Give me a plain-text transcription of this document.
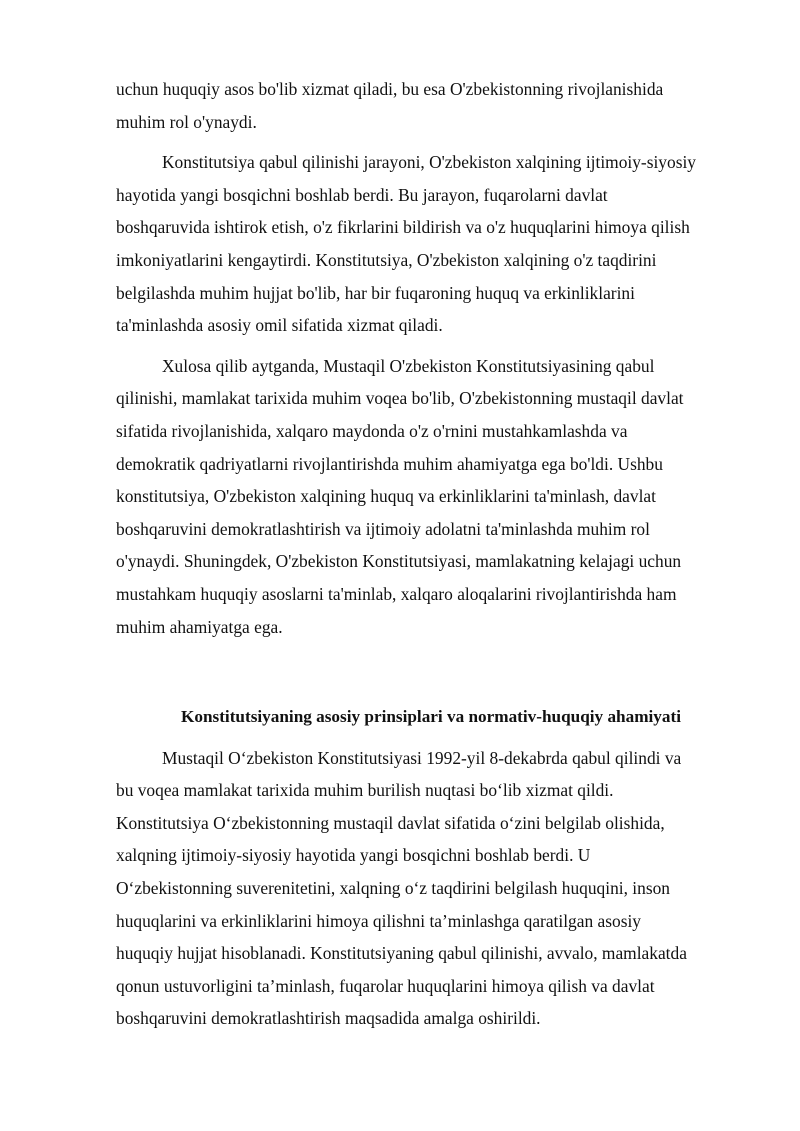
uchun huquqiy asos bo'lib xizmat qiladi, bu esa O'zbekistonning rivojlanishida
muhim rol o'ynaydi.

Konstitutsiya qabul qilinishi jarayoni, O'zbekiston xalqining ijtimoiy-siyosiy
hayotida yangi bosqichni boshlab berdi. Bu jarayon, fuqarolarni davlat
boshqaruvida ishtirok etish, o'z fikrlarini bildirish va o'z huquqlarini himoya qilish
imkoniyatlarini kengaytirdi. Konstitutsiya, O'zbekiston xalqining o'z taqdirini
belgilashda muhim hujjat bo'lib, har bir fuqaroning huquq va erkinliklarini
ta'minlashda asosiy omil sifatida xizmat qiladi.

Xulosa qilib aytganda, Mustaqil O'zbekiston Konstitutsiyasining qabul
qilinishi, mamlakat tarixida muhim voqea bo'lib, O'zbekistonning mustaqil davlat
sifatida rivojlanishida, xalqaro maydonda o'z o'rnini mustahkamlashda va
demokratik qadriyatlarni rivojlantirishda muhim ahamiyatga ega bo'ldi. Ushbu
konstitutsiya, O'zbekiston xalqining huquq va erkinliklarini ta'minlash, davlat
boshqaruvini demokratlashtirish va ijtimoiy adolatni ta'minlashda muhim rol
o'ynaydi. Shuningdek, O'zbekiston Konstitutsiyasi, mamlakatning kelajagi uchun
mustahkam huquqiy asoslarni ta'minlab, xalqaro aloqalarini rivojlantirishda ham
muhim ahamiyatga ega.

Konstitutsiyaning asosiy prinsiplari va normativ-huquqiy ahamiyati

Mustaqil O‘zbekiston Konstitutsiyasi 1992-yil 8-dekabrda qabul qilindi va
bu voqea mamlakat tarixida muhim burilish nuqtasi bo‘lib xizmat qildi.
Konstitutsiya O‘zbekistonning mustaqil davlat sifatida o‘zini belgilab olishida,
xalqning ijtimoiy-siyosiy hayotida yangi bosqichni boshlab berdi. U
O‘zbekistonning suverenitetini, xalqning o‘z taqdirini belgilash huquqini, inson
huquqlarini va erkinliklarini himoya qilishni ta’minlashga qaratilgan asosiy
huquqiy hujjat hisoblanadi. Konstitutsiyaning qabul qilinishi, avvalo, mamlakatda
qonun ustuvorligini ta’minlash, fuqarolar huquqlarini himoya qilish va davlat
boshqaruvini demokratlashtirish maqsadida amalga oshirildi.
